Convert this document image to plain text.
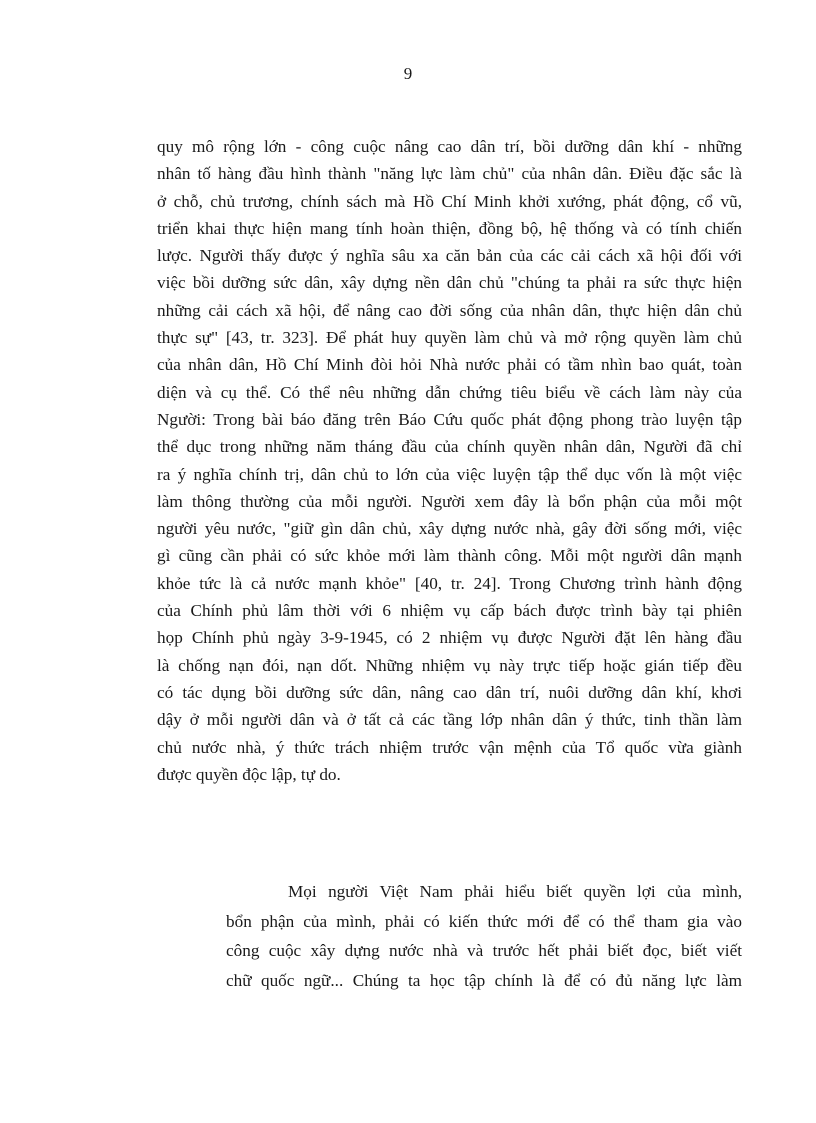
9
quy mô rộng lớn - công cuộc nâng cao dân trí, bồi dưỡng dân khí - những
nhân tố hàng đầu hình thành "năng lực làm chủ" của nhân dân. Điều đặc sắc là
ở chỗ, chủ trương, chính sách mà Hồ Chí Minh khởi xướng, phát động, cổ vũ,
triển khai thực hiện mang tính hoàn thiện, đồng bộ, hệ thống và có tính chiến
lược. Người thấy được ý nghĩa sâu xa căn bản của các cải cách xã hội đối với
việc bồi dưỡng sức dân, xây dựng nền dân chủ "chúng ta phải ra sức thực hiện
những cải cách xã hội, để nâng cao đời sống của nhân dân, thực hiện dân chủ
thực sự" [43, tr. 323]. Để phát huy quyền làm chủ và mở rộng quyền làm chủ
của nhân dân, Hồ Chí Minh đòi hỏi Nhà nước phải có tầm nhìn bao quát, toàn
diện và cụ thể. Có thể nêu những dẫn chứng tiêu biểu về cách làm này của
Người: Trong bài báo đăng trên Báo Cứu quốc phát động phong trào luyện tập
thể dục trong những năm tháng đầu của chính quyền nhân dân, Người đã chỉ
ra ý nghĩa chính trị, dân chủ to lớn của việc luyện tập thể dục vốn là một việc
làm thông thường của mỗi người. Người xem đây là bổn phận của mỗi một
người yêu nước, "giữ gìn dân chủ, xây dựng nước nhà, gây đời sống mới, việc
gì cũng cần phải có sức khỏe mới làm thành công. Mỗi một người dân mạnh
khỏe tức là cả nước mạnh khỏe" [40, tr. 24]. Trong Chương trình hành động
của Chính phủ lâm thời với 6 nhiệm vụ cấp bách được trình bày tại phiên
họp Chính phủ ngày 3-9-1945, có 2 nhiệm vụ được Người đặt lên hàng đầu
là chống nạn đói, nạn dốt. Những nhiệm vụ này trực tiếp hoặc gián tiếp đều
có tác dụng bồi dưỡng sức dân, nâng cao dân trí, nuôi dưỡng dân khí, khơi
dậy ở mỗi người dân và ở tất cả các tầng lớp nhân dân ý thức, tinh thần làm
chủ nước nhà, ý thức trách nhiệm trước vận mệnh của Tổ quốc vừa giành
được quyền độc lập, tự do.
Mọi người Việt Nam phải hiểu biết quyền lợi của mình,
bổn phận của mình, phải có kiến thức mới để có thể tham gia vào
công cuộc xây dựng nước nhà và trước hết phải biết đọc, biết viết
chữ quốc ngữ... Chúng ta học tập chính là để có đủ năng lực làm
